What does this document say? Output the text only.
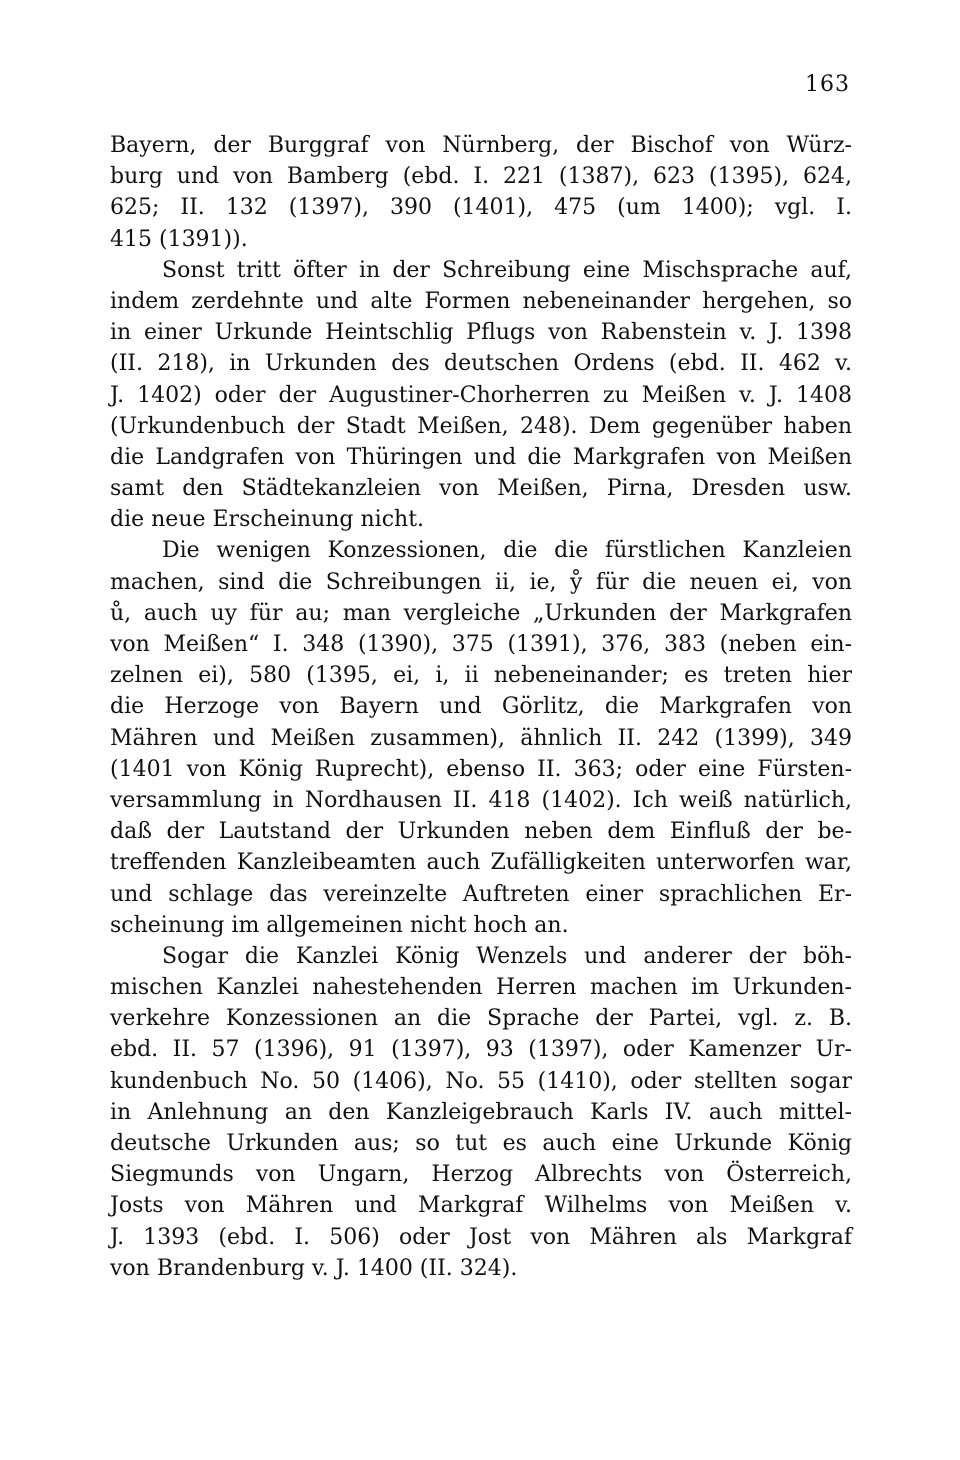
163
Bayern, der Burggraf von Nürnberg, der Bischof von Würz-
burg und von Bamberg (ebd. I. 221 (1387), 623 (1395), 624,
625; II. 132 (1397), 390 (1401), 475 (um 1400); vgl. I.
415 (1391)).
Sonst tritt öfter in der Schreibung eine Mischsprache auf,
indem zerdehnte und alte Formen nebeneinander hergehen, so
in einer Urkunde Heintschlig Pflugs von Rabenstein v. J. 1398
(II. 218), in Urkunden des deutschen Ordens (ebd. II. 462 v.
J. 1402) oder der Augustiner-Chorherren zu Meißen v. J. 1408
(Urkundenbuch der Stadt Meißen, 248). Dem gegenüber haben
die Landgrafen von Thüringen und die Markgrafen von Meißen
samt den Städtekanzleien von Meißen, Pirna, Dresden usw.
die neue Erscheinung nicht.
Die wenigen Konzessionen, die die fürstlichen Kanzleien
machen, sind die Schreibungen ii, ie, ẙ für die neuen ei, von
ů, auch uy für au; man vergleiche „Urkunden der Markgrafen
von Meißen“ I. 348 (1390), 375 (1391), 376, 383 (neben ein-
zelnen ei), 580 (1395, ei, i, ii nebeneinander; es treten hier
die Herzoge von Bayern und Görlitz, die Markgrafen von
Mähren und Meißen zusammen), ähnlich II. 242 (1399), 349
(1401 von König Ruprecht), ebenso II. 363; oder eine Fürsten-
versammlung in Nordhausen II. 418 (1402). Ich weiß natürlich,
daß der Lautstand der Urkunden neben dem Einfluß der be-
treffenden Kanzleibeamten auch Zufälligkeiten unterworfen war,
und schlage das vereinzelte Auftreten einer sprachlichen Er-
scheinung im allgemeinen nicht hoch an.
Sogar die Kanzlei König Wenzels und anderer der böh-
mischen Kanzlei nahestehenden Herren machen im Urkunden-
verkehre Konzessionen an die Sprache der Partei, vgl. z. B.
ebd. II. 57 (1396), 91 (1397), 93 (1397), oder Kamenzer Ur-
kundenbuch No. 50 (1406), No. 55 (1410), oder stellten sogar
in Anlehnung an den Kanzleigebrauch Karls IV. auch mittel-
deutsche Urkunden aus; so tut es auch eine Urkunde König
Siegmunds von Ungarn, Herzog Albrechts von Österreich,
Josts von Mähren und Markgraf Wilhelms von Meißen v.
J. 1393 (ebd. I. 506) oder Jost von Mähren als Markgraf
von Brandenburg v. J. 1400 (II. 324).
